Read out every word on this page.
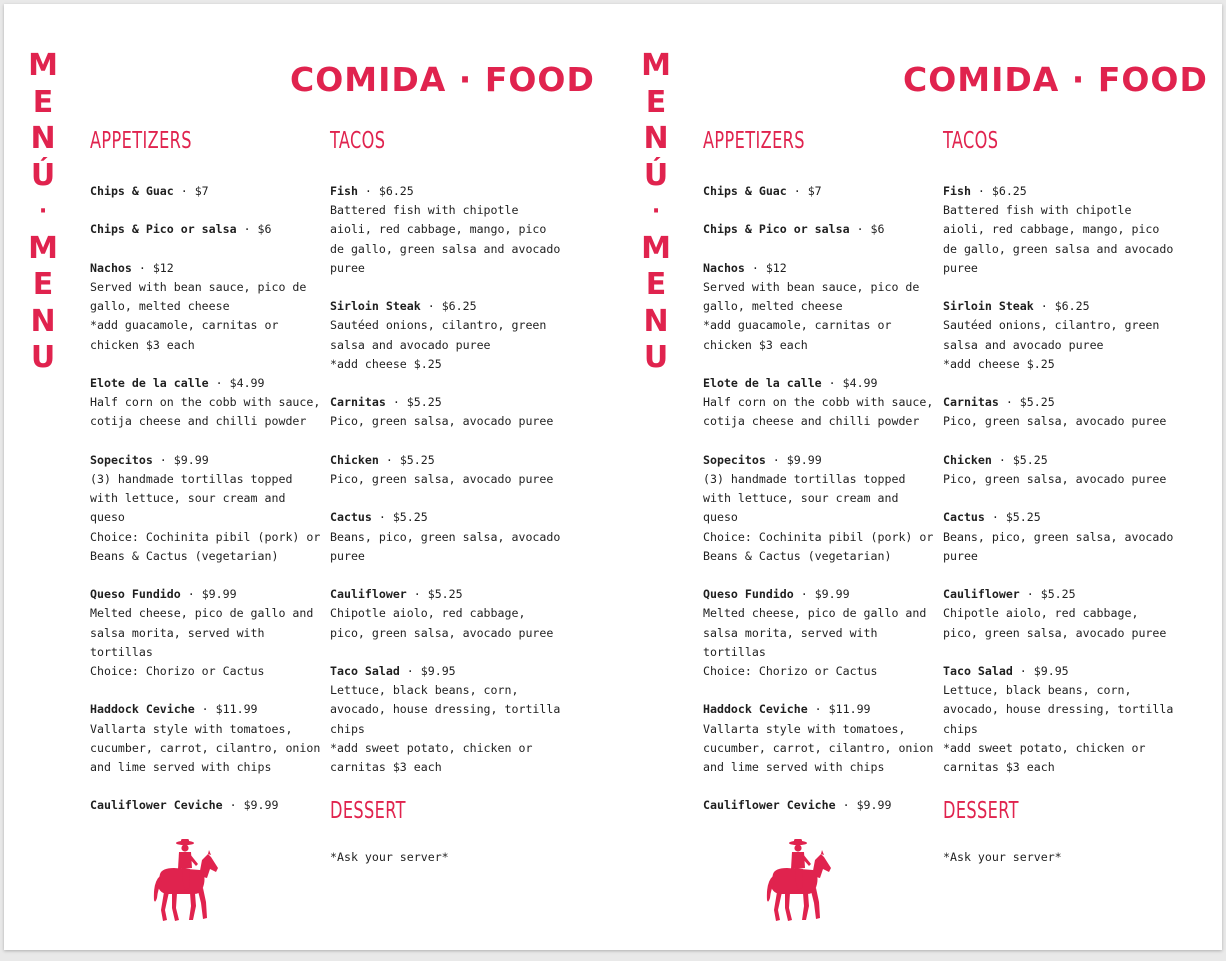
M
E
N
Ú
·
M
E
N
U
COMIDA · FOOD
APPETIZERS
Chips & Guac · $7
Chips & Pico or salsa · $6
Nachos · $12
Served with bean sauce, pico de gallo, melted cheese
*add guacamole, carnitas or chicken $3 each
Elote de la calle · $4.99
Half corn on the cobb with sauce, cotija cheese and chilli powder
Sopecitos · $9.99
(3) handmade tortillas topped with lettuce, sour cream and queso
Choice: Cochinita pibil (pork) or Beans & Cactus (vegetarian)
Queso Fundido · $9.99
Melted cheese, pico de gallo and salsa morita, served with tortillas
Choice: Chorizo or Cactus
Haddock Ceviche · $11.99
Vallarta style with tomatoes, cucumber, carrot, cilantro, onion and lime served with chips
Cauliflower Ceviche · $9.99
TACOS
Fish · $6.25
Battered fish with chipotle aioli, red cabbage, mango, pico de gallo, green salsa and avocado puree
Sirloin Steak · $6.25
Sautéed onions, cilantro, green salsa and avocado puree
*add cheese $.25
Carnitas · $5.25
Pico, green salsa, avocado puree
Chicken · $5.25
Pico, green salsa, avocado puree
Cactus · $5.25
Beans, pico, green salsa, avocado puree
Cauliflower · $5.25
Chipotle aiolo, red cabbage, pico, green salsa, avocado puree
Taco Salad · $9.95
Lettuce, black beans, corn, avocado, house dressing, tortilla chips
*add sweet potato, chicken or carnitas $3 each
DESSERT
*Ask your server*
M
E
N
Ú
·
M
E
N
U
COMIDA · FOOD
APPETIZERS
Chips & Guac · $7
Chips & Pico or salsa · $6
Nachos · $12
Served with bean sauce, pico de gallo, melted cheese
*add guacamole, carnitas or chicken $3 each
Elote de la calle · $4.99
Half corn on the cobb with sauce, cotija cheese and chilli powder
Sopecitos · $9.99
(3) handmade tortillas topped with lettuce, sour cream and queso
Choice: Cochinita pibil (pork) or Beans & Cactus (vegetarian)
Queso Fundido · $9.99
Melted cheese, pico de gallo and salsa morita, served with tortillas
Choice: Chorizo or Cactus
Haddock Ceviche · $11.99
Vallarta style with tomatoes, cucumber, carrot, cilantro, onion and lime served with chips
Cauliflower Ceviche · $9.99
TACOS
Fish · $6.25
Battered fish with chipotle aioli, red cabbage, mango, pico de gallo, green salsa and avocado puree
Sirloin Steak · $6.25
Sautéed onions, cilantro, green salsa and avocado puree
*add cheese $.25
Carnitas · $5.25
Pico, green salsa, avocado puree
Chicken · $5.25
Pico, green salsa, avocado puree
Cactus · $5.25
Beans, pico, green salsa, avocado puree
Cauliflower · $5.25
Chipotle aiolo, red cabbage, pico, green salsa, avocado puree
Taco Salad · $9.95
Lettuce, black beans, corn, avocado, house dressing, tortilla chips
*add sweet potato, chicken or carnitas $3 each
DESSERT
*Ask your server*
